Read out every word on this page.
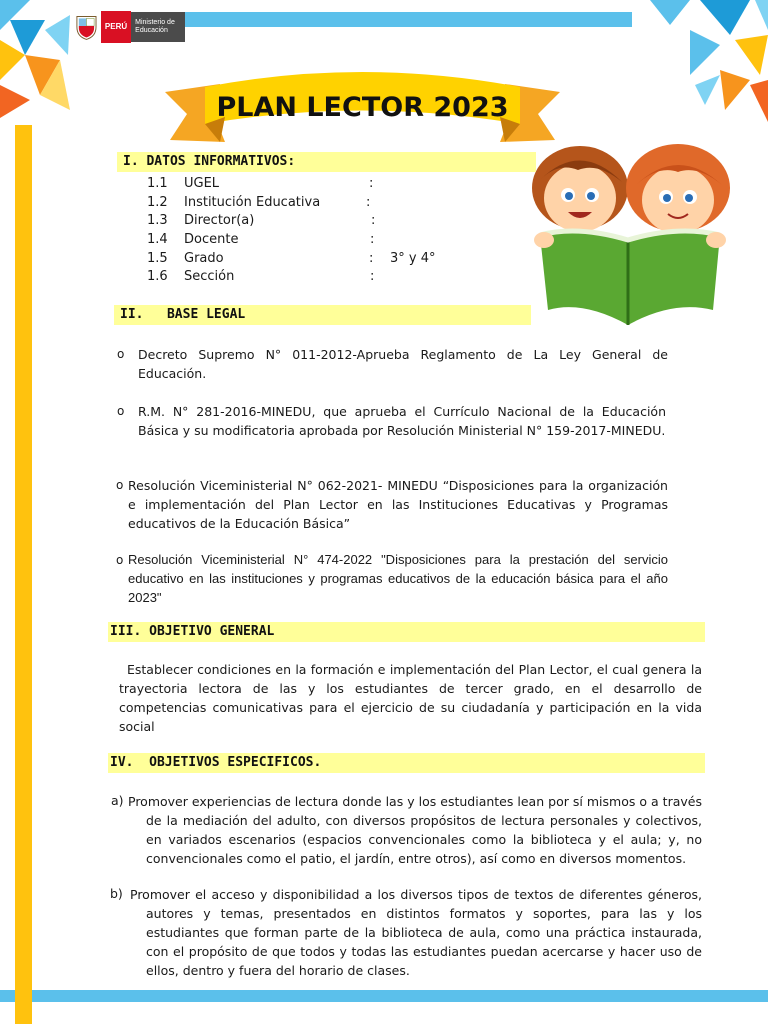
PERÚ	Ministerio de Educación
PLAN LECTOR 2023
I. DATOS INFORMATIVOS:
1.1 UGEL	:
1.2 Institución Educativa	:
1.3 Director(a)	:
1.4 Docente	:
1.5 Grado	: 3° y 4°
1.6 Sección	:
II.   BASE LEGAL
o Decreto Supremo N° 011-2012-Aprueba Reglamento de La Ley General de Educación.
o R.M. N° 281-2016-MINEDU, que aprueba el Currículo Nacional de la Educación Básica y su modificatoria aprobada por Resolución Ministerial N° 159-2017-MINEDU.
o Resolución Viceministerial N° 062-2021- MINEDU “Disposiciones para la organización e implementación del Plan Lector en las Instituciones Educativas y Programas educativos de la Educación Básica”
o Resolución Viceministerial N° 474-2022 "Disposiciones para la prestación del servicio educativo en las instituciones y programas educativos de la educación básica para el año 2023"
III. OBJETIVO GENERAL
Establecer condiciones en la formación e implementación del Plan Lector, el cual genera la trayectoria lectora de las y los estudiantes de tercer grado, en el desarrollo de competencias comunicativas para el ejercicio de su ciudadanía y participación en la vida social
IV.  OBJETIVOS ESPECIFICOS.
a) Promover experiencias de lectura donde las y los estudiantes lean por sí mismos o a través de la mediación del adulto, con diversos propósitos de lectura personales y colectivos, en variados escenarios (espacios convencionales como la biblioteca y el aula; y, no convencionales como el patio, el jardín, entre otros), así como en diversos momentos.
b) Promover el acceso y disponibilidad a los diversos tipos de textos de diferentes géneros, autores y temas, presentados en distintos formatos y soportes, para las y los estudiantes que forman parte de la biblioteca de aula, como una práctica instaurada, con el propósito de que todos y todas las estudiantes puedan acercarse y hacer uso de ellos, dentro y fuera del horario de clases.
